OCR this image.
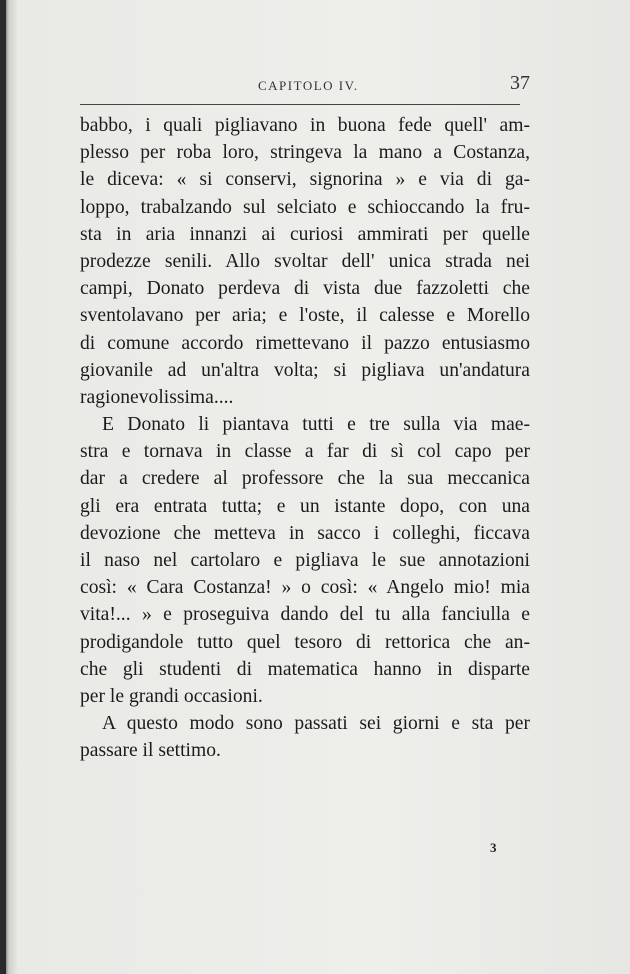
CAPITOLO IV.	37
babbo, i quali pigliavano in buona fede quell' am-
plesso per roba loro, stringeva la mano a Costanza,
le diceva: « si conservi, signorina » e via di ga-
loppo, trabalzando sul selciato e schioccando la fru-
sta in aria innanzi ai curiosi ammirati per quelle
prodezze senili. Allo svoltar dell' unica strada nei
campi, Donato perdeva di vista due fazzoletti che
sventolavano per aria; e l'oste, il calesse e Morello
di comune accordo rimettevano il pazzo entusiasmo
giovanile ad un'altra volta; si pigliava un'andatura
ragionevolissima....
E Donato li piantava tutti e tre sulla via mae-
stra e tornava in classe a far di sì col capo per
dar a credere al professore che la sua meccanica
gli era entrata tutta; e un istante dopo, con una
devozione che metteva in sacco i colleghi, ficcava
il naso nel cartolaro e pigliava le sue annotazioni
così: « Cara Costanza! » o così: « Angelo mio! mia
vita!... » e proseguiva dando del tu alla fanciulla e
prodigandole tutto quel tesoro di rettorica che an-
che gli studenti di matematica hanno in disparte
per le grandi occasioni.
A questo modo sono passati sei giorni e sta per
passare il settimo.
3
